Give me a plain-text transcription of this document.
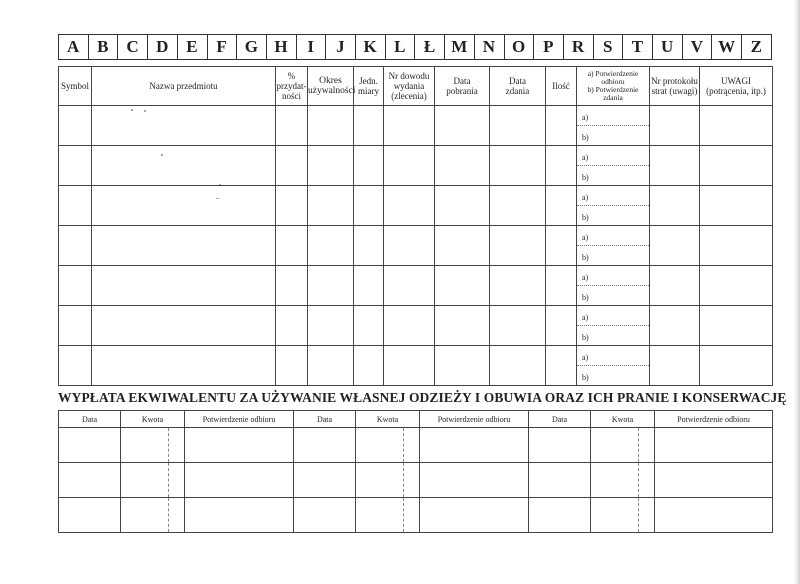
A	B	C D	E	F	G H	I	J	K L	Ł M N O	P	R	S	T	U V W Z
Symbol	Nazwa przedmiotu	%
przydat-
ności	Okres
używalności	Jedn.
miary	Nr dowodu
wydania
(zlecenia)	Data
pobrania	Data
zdania	Ilość	a) Potwierdzenie
odbioru
b) Potwierdzenie
zdania	Nr protokołu
strat (uwagi)	UWAGI
(potrącenia, itp.)

									a)
b)		

									a)
b)		

									a)
b)		

									a)
b)		

									a)
b)		

									a)
b)		

									a)
b)		

WYPŁATA EKWIWALENTU ZA UŻYWANIE WŁASNEJ ODZIEŻY I OBUWIA ORAZ ICH PRANIE I KONSERWACJĘ
Data	Kwota		Potwierdzenie odbioru	Data	Kwota		Potwierdzenie odbioru	Data	Kwota		Potwierdzenie odbioru
